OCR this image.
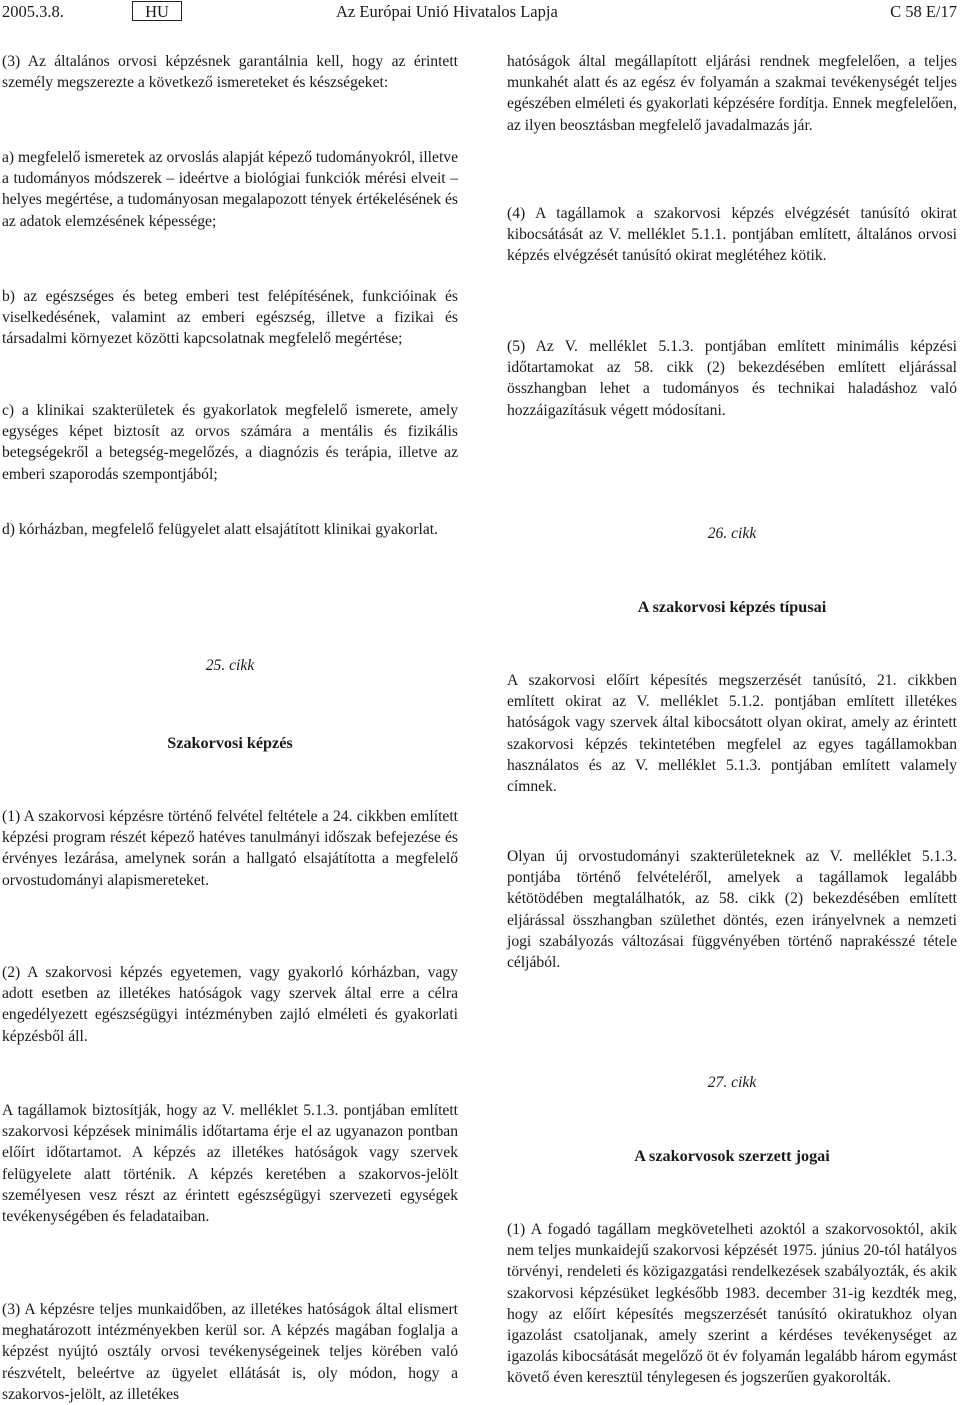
2005.3.8.	HU	Az Európai Unió Hivatalos Lapja	C 58 E/17

(3) Az általános orvosi képzésnek garantálnia kell, hogy az érintett személy megszerezte a következő ismereteket és készségeket:

a) megfelelő ismeretek az orvoslás alapját képező tudományokról, illetve a tudományos módszerek – ideértve a biológiai funkciók mérési elveit – helyes megértése, a tudományosan megalapozott tények értékelésének és az adatok elemzésének képessége;

b) az egészséges és beteg emberi test felépítésének, funkcióinak és viselkedésének, valamint az emberi egészség, illetve a fizikai és társadalmi környezet közötti kapcsolatnak megfelelő megértése;

c) a klinikai szakterületek és gyakorlatok megfelelő ismerete, amely egységes képet biztosít az orvos számára a mentális és fizikális betegségekről a betegség-megelőzés, a diagnózis és terápia, illetve az emberi szaporodás szempontjából;

d) kórházban, megfelelő felügyelet alatt elsajátított klinikai gyakorlat.

25. cikk

Szakorvosi képzés

(1) A szakorvosi képzésre történő felvétel feltétele a 24. cikkben említett képzési program részét képező hatéves tanulmányi időszak befejezése és érvényes lezárása, amelynek során a hallgató elsajátította a megfelelő orvostudományi alapismereteket.

(2) A szakorvosi képzés egyetemen, vagy gyakorló kórházban, vagy adott esetben az illetékes hatóságok vagy szervek által erre a célra engedélyezett egészségügyi intézményben zajló elméleti és gyakorlati képzésből áll.

A tagállamok biztosítják, hogy az V. melléklet 5.1.3. pontjában említett szakorvosi képzések minimális időtartama érje el az ugyanazon pontban előírt időtartamot. A képzés az illetékes hatóságok vagy szervek felügyelete alatt történik. A képzés keretében a szakorvos-jelölt személyesen vesz részt az érintett egészségügyi szervezeti egységek tevékenységében és feladataiban.

(3) A képzésre teljes munkaidőben, az illetékes hatóságok által elismert meghatározott intézményekben kerül sor. A képzés magában foglalja a képzést nyújtó osztály orvosi tevékenységeinek teljes körében való részvételt, beleértve az ügyelet ellátását is, oly módon, hogy a szakorvos-jelölt, az illetékes

hatóságok által megállapított eljárási rendnek megfelelően, a teljes munkahét alatt és az egész év folyamán a szakmai tevékenységét teljes egészében elméleti és gyakorlati képzésére fordítja. Ennek megfelelően, az ilyen beosztásban megfelelő javadalmazás jár.

(4) A tagállamok a szakorvosi képzés elvégzését tanúsító okirat kibocsátását az V. melléklet 5.1.1. pontjában említett, általános orvosi képzés elvégzését tanúsító okirat meglétéhez kötik.

(5) Az V. melléklet 5.1.3. pontjában említett minimális képzési időtartamokat az 58. cikk (2) bekezdésében említett eljárással összhangban lehet a tudományos és technikai haladáshoz való hozzáigazításuk végett módosítani.

26. cikk

A szakorvosi képzés típusai

A szakorvosi előírt képesítés megszerzését tanúsító, 21. cikkben említett okirat az V. melléklet 5.1.2. pontjában említett illetékes hatóságok vagy szervek által kibocsátott olyan okirat, amely az érintett szakorvosi képzés tekintetében megfelel az egyes tagállamokban használatos és az V. melléklet 5.1.3. pontjában említett valamely címnek.

Olyan új orvostudományi szakterületeknek az V. melléklet 5.1.3. pontjába történő felvételéről, amelyek a tagállamok legalább kétötödében megtalálhatók, az 58. cikk (2) bekezdésében említett eljárással összhangban születhet döntés, ezen irányelvnek a nemzeti jogi szabályozás változásai függvényében történő naprakésszé tétele céljából.

27. cikk

A szakorvosok szerzett jogai

(1) A fogadó tagállam megkövetelheti azoktól a szakorvosoktól, akik nem teljes munkaidejű szakorvosi képzését 1975. június 20-tól hatályos törvényi, rendeleti és közigazgatási rendelkezések szabályozták, és akik szakorvosi képzésüket legkésőbb 1983. december 31-ig kezdték meg, hogy az előírt képesítés megszerzését tanúsító okiratukhoz olyan igazolást csatoljanak, amely szerint a kérdéses tevékenységet az igazolás kibocsátását megelőző öt év folyamán legalább három egymást követő éven keresztül ténylegesen és jogszerűen gyakorolták.
